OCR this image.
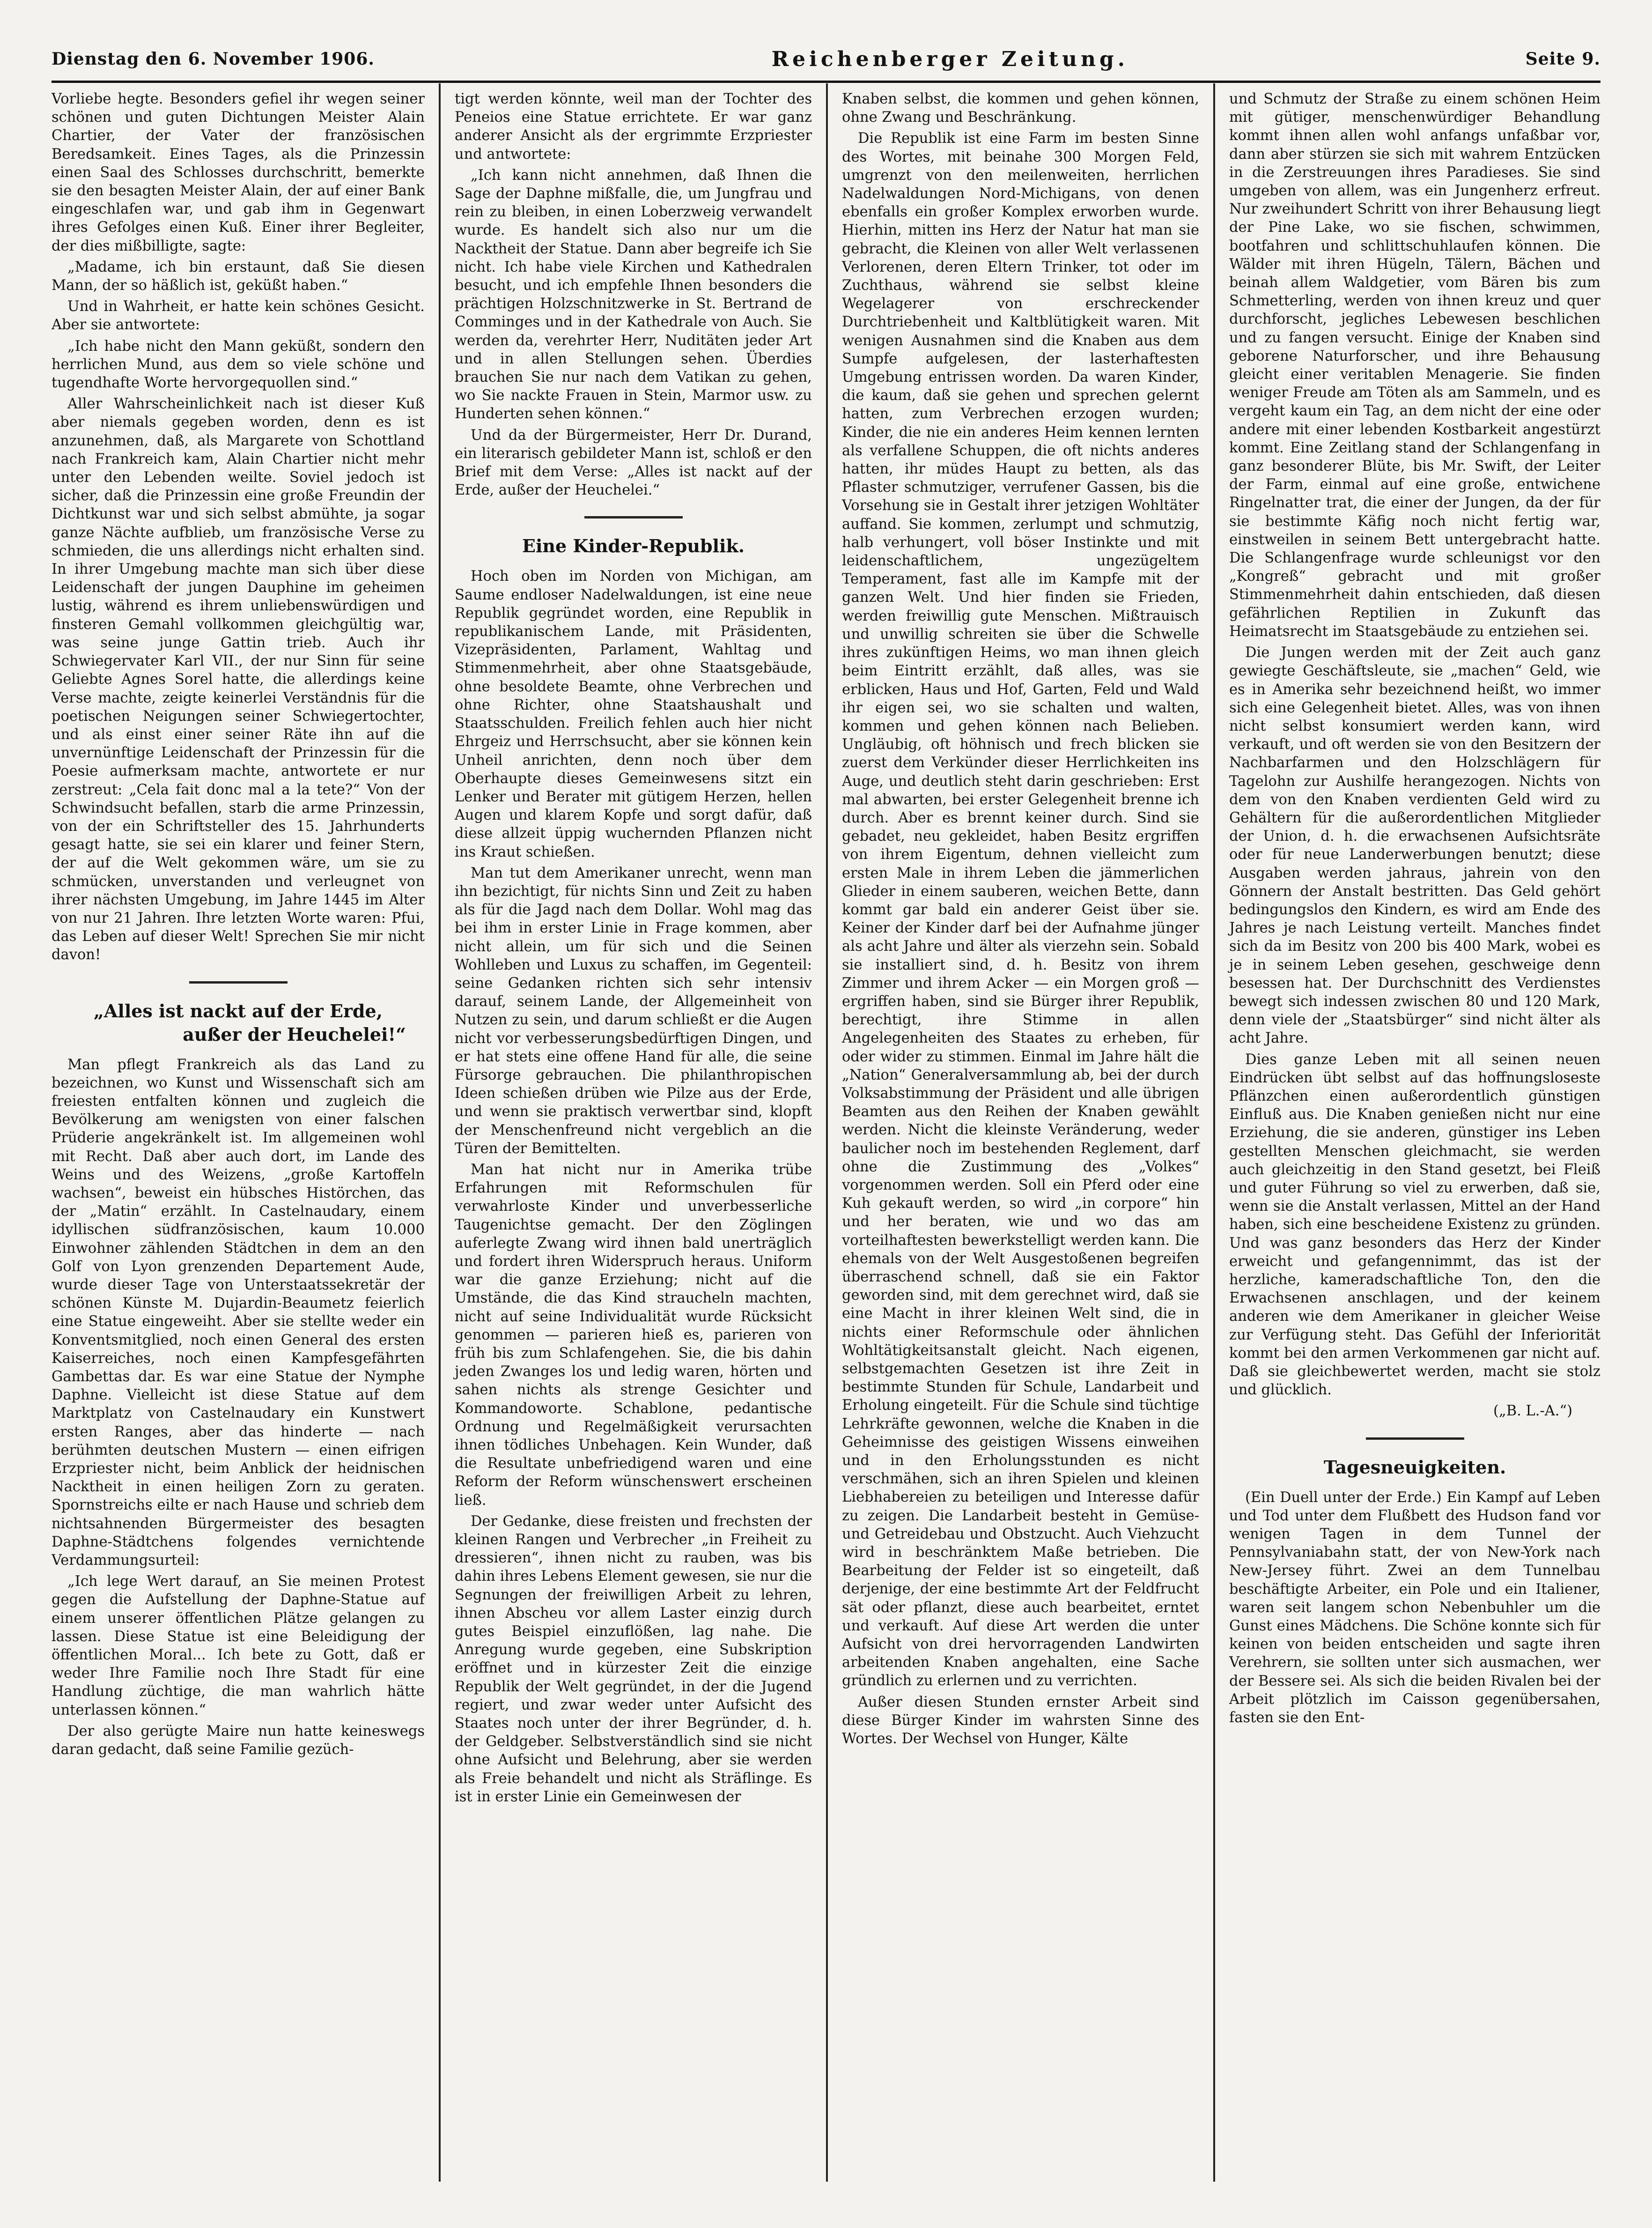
Dienstag den 6. November 1906.	Reichenberger Zeitung.	Seite 9.

Vorliebe hegte. Besonders gefiel ihr wegen seiner schönen und guten Dichtungen Meister Alain Chartier, der Vater der französischen Beredsamkeit. Eines Tages, als die Prinzessin einen Saal des Schlosses durchschritt, bemerkte sie den besagten Meister Alain, der auf einer Bank eingeschlafen war, und gab ihm in Gegenwart ihres Gefolges einen Kuß. Einer ihrer Begleiter, der dies mißbilligte, sagte:

„Madame, ich bin erstaunt, daß Sie diesen Mann, der so häßlich ist, geküßt haben.“

Und in Wahrheit, er hatte kein schönes Gesicht. Aber sie antwortete:

„Ich habe nicht den Mann geküßt, sondern den herrlichen Mund, aus dem so viele schöne und tugendhafte Worte hervorgequollen sind.“

Aller Wahrscheinlichkeit nach ist dieser Kuß aber niemals gegeben worden, denn es ist anzunehmen, daß, als Margarete von Schottland nach Frankreich kam, Alain Chartier nicht mehr unter den Lebenden weilte. Soviel jedoch ist sicher, daß die Prinzessin eine große Freundin der Dichtkunst war und sich selbst abmühte, ja sogar ganze Nächte aufblieb, um französische Verse zu schmieden, die uns allerdings nicht erhalten sind. In ihrer Umgebung machte man sich über diese Leidenschaft der jungen Dauphine im geheimen lustig, während es ihrem unliebenswürdigen und finsteren Gemahl vollkommen gleichgültig war, was seine junge Gattin trieb. Auch ihr Schwiegervater Karl VII., der nur Sinn für seine Geliebte Agnes Sorel hatte, die allerdings keine Verse machte, zeigte keinerlei Verständnis für die poetischen Neigungen seiner Schwiegertochter, und als einst einer seiner Räte ihn auf die unvernünftige Leidenschaft der Prinzessin für die Poesie aufmerksam machte, antwortete er nur zerstreut: „Cela fait donc mal a la tete?“ Von der Schwindsucht befallen, starb die arme Prinzessin, von der ein Schriftsteller des 15. Jahrhunderts gesagt hatte, sie sei ein klarer und feiner Stern, der auf die Welt gekommen wäre, um sie zu schmücken, unverstanden und verleugnet von ihrer nächsten Umgebung, im Jahre 1445 im Alter von nur 21 Jahren. Ihre letzten Worte waren: Pfui, das Leben auf dieser Welt! Sprechen Sie mir nicht davon!

„Alles ist nackt auf der Erde,
außer der Heuchelei!“

Man pflegt Frankreich als das Land zu bezeichnen, wo Kunst und Wissenschaft sich am freiesten entfalten können und zugleich die Bevölkerung am wenigsten von einer falschen Prüderie angekränkelt ist. Im allgemeinen wohl mit Recht. Daß aber auch dort, im Lande des Weins und des Weizens, „große Kartoffeln wachsen“, beweist ein hübsches Histörchen, das der „Matin“ erzählt. In Castelnaudary, einem idyllischen südfranzösischen, kaum 10.000 Einwohner zählenden Städtchen in dem an den Golf von Lyon grenzenden Departement Aude, wurde dieser Tage von Unterstaatssekretär der schönen Künste M. Dujardin-Beaumetz feierlich eine Statue eingeweiht. Aber sie stellte weder ein Konventsmitglied, noch einen General des ersten Kaiserreiches, noch einen Kampfesgefährten Gambettas dar. Es war eine Statue der Nymphe Daphne. Vielleicht ist diese Statue auf dem Marktplatz von Castelnaudary ein Kunstwert ersten Ranges, aber das hinderte — nach berühmten deutschen Mustern — einen eifrigen Erzpriester nicht, beim Anblick der heidnischen Nacktheit in einen heiligen Zorn zu geraten. Spornstreichs eilte er nach Hause und schrieb dem nichtsahnenden Bürgermeister des besagten Daphne-Städtchens folgendes vernichtende Verdammungsurteil:

„Ich lege Wert darauf, an Sie meinen Protest gegen die Aufstellung der Daphne-Statue auf einem unserer öffentlichen Plätze gelangen zu lassen. Diese Statue ist eine Beleidigung der öffentlichen Moral... Ich bete zu Gott, daß er weder Ihre Familie noch Ihre Stadt für eine Handlung züchtige, die man wahrlich hätte unterlassen können.“

Der also gerügte Maire nun hatte keineswegs daran gedacht, daß seine Familie gezüch-

tigt werden könnte, weil man der Tochter des Peneios eine Statue errichtete. Er war ganz anderer Ansicht als der ergrimmte Erzpriester und antwortete:

„Ich kann nicht annehmen, daß Ihnen die Sage der Daphne mißfalle, die, um Jungfrau und rein zu bleiben, in einen Loberzweig verwandelt wurde. Es handelt sich also nur um die Nacktheit der Statue. Dann aber begreife ich Sie nicht. Ich habe viele Kirchen und Kathedralen besucht, und ich empfehle Ihnen besonders die prächtigen Holzschnitzwerke in St. Bertrand de Comminges und in der Kathedrale von Auch. Sie werden da, verehrter Herr, Nuditäten jeder Art und in allen Stellungen sehen. Überdies brauchen Sie nur nach dem Vatikan zu gehen, wo Sie nackte Frauen in Stein, Marmor usw. zu Hunderten sehen können.“

Und da der Bürgermeister, Herr Dr. Durand, ein literarisch gebildeter Mann ist, schloß er den Brief mit dem Verse: „Alles ist nackt auf der Erde, außer der Heuchelei.“

Eine Kinder-Republik.

Hoch oben im Norden von Michigan, am Saume endloser Nadelwaldungen, ist eine neue Republik gegründet worden, eine Republik in republikanischem Lande, mit Präsidenten, Vizepräsidenten, Parlament, Wahltag und Stimmenmehrheit, aber ohne Staatsgebäude, ohne besoldete Beamte, ohne Verbrechen und ohne Richter, ohne Staatshaushalt und Staatsschulden. Freilich fehlen auch hier nicht Ehrgeiz und Herrschsucht, aber sie können kein Unheil anrichten, denn noch über dem Oberhaupte dieses Gemeinwesens sitzt ein Lenker und Berater mit gütigem Herzen, hellen Augen und klarem Kopfe und sorgt dafür, daß diese allzeit üppig wuchernden Pflanzen nicht ins Kraut schießen.

Man tut dem Amerikaner unrecht, wenn man ihn bezichtigt, für nichts Sinn und Zeit zu haben als für die Jagd nach dem Dollar. Wohl mag das bei ihm in erster Linie in Frage kommen, aber nicht allein, um für sich und die Seinen Wohlleben und Luxus zu schaffen, im Gegenteil: seine Gedanken richten sich sehr intensiv darauf, seinem Lande, der Allgemeinheit von Nutzen zu sein, und darum schließt er die Augen nicht vor verbesserungsbedürftigen Dingen, und er hat stets eine offene Hand für alle, die seine Fürsorge gebrauchen. Die philanthropischen Ideen schießen drüben wie Pilze aus der Erde, und wenn sie praktisch verwertbar sind, klopft der Menschenfreund nicht vergeblich an die Türen der Bemittelten.

Man hat nicht nur in Amerika trübe Erfahrungen mit Reformschulen für verwahrloste Kinder und unverbesserliche Taugenichtse gemacht. Der den Zöglingen auferlegte Zwang wird ihnen bald unerträglich und fordert ihren Widerspruch heraus. Uniform war die ganze Erziehung; nicht auf die Umstände, die das Kind straucheln machten, nicht auf seine Individualität wurde Rücksicht genommen — parieren hieß es, parieren von früh bis zum Schlafengehen. Sie, die bis dahin jeden Zwanges los und ledig waren, hörten und sahen nichts als strenge Gesichter und Kommandoworte. Schablone, pedantische Ordnung und Regelmäßigkeit verursachten ihnen tödliches Unbehagen. Kein Wunder, daß die Resultate unbefriedigend waren und eine Reform der Reform wünschenswert erscheinen ließ.

Der Gedanke, diese freisten und frechsten der kleinen Rangen und Verbrecher „in Freiheit zu dressieren“, ihnen nicht zu rauben, was bis dahin ihres Lebens Element gewesen, sie nur die Segnungen der freiwilligen Arbeit zu lehren, ihnen Abscheu vor allem Laster einzig durch gutes Beispiel einzuflößen, lag nahe. Die Anregung wurde gegeben, eine Subskription eröffnet und in kürzester Zeit die einzige Republik der Welt gegründet, in der die Jugend regiert, und zwar weder unter Aufsicht des Staates noch unter der ihrer Begründer, d. h. der Geldgeber. Selbstverständlich sind sie nicht ohne Aufsicht und Belehrung, aber sie werden als Freie behandelt und nicht als Sträflinge. Es ist in erster Linie ein Gemeinwesen der

Knaben selbst, die kommen und gehen können, ohne Zwang und Beschränkung.

Die Republik ist eine Farm im besten Sinne des Wortes, mit beinahe 300 Morgen Feld, umgrenzt von den meilenweiten, herrlichen Nadelwaldungen Nord-Michigans, von denen ebenfalls ein großer Komplex erworben wurde. Hierhin, mitten ins Herz der Natur hat man sie gebracht, die Kleinen von aller Welt verlassenen Verlorenen, deren Eltern Trinker, tot oder im Zuchthaus, während sie selbst kleine Wegelagerer von erschreckender Durchtriebenheit und Kaltblütigkeit waren. Mit wenigen Ausnahmen sind die Knaben aus dem Sumpfe aufgelesen, der lasterhaftesten Umgebung entrissen worden. Da waren Kinder, die kaum, daß sie gehen und sprechen gelernt hatten, zum Verbrechen erzogen wurden; Kinder, die nie ein anderes Heim kennen lernten als verfallene Schuppen, die oft nichts anderes hatten, ihr müdes Haupt zu betten, als das Pflaster schmutziger, verrufener Gassen, bis die Vorsehung sie in Gestalt ihrer jetzigen Wohltäter auffand. Sie kommen, zerlumpt und schmutzig, halb verhungert, voll böser Instinkte und mit leidenschaftlichem, ungezügeltem Temperament, fast alle im Kampfe mit der ganzen Welt. Und hier finden sie Frieden, werden freiwillig gute Menschen. Mißtrauisch und unwillig schreiten sie über die Schwelle ihres zukünftigen Heims, wo man ihnen gleich beim Eintritt erzählt, daß alles, was sie erblicken, Haus und Hof, Garten, Feld und Wald ihr eigen sei, wo sie schalten und walten, kommen und gehen können nach Belieben. Ungläubig, oft höhnisch und frech blicken sie zuerst dem Verkünder dieser Herrlichkeiten ins Auge, und deutlich steht darin geschrieben: Erst mal abwarten, bei erster Gelegenheit brenne ich durch. Aber es brennt keiner durch. Sind sie gebadet, neu gekleidet, haben Besitz ergriffen von ihrem Eigentum, dehnen vielleicht zum ersten Male in ihrem Leben die jämmerlichen Glieder in einem sauberen, weichen Bette, dann kommt gar bald ein anderer Geist über sie. Keiner der Kinder darf bei der Aufnahme jünger als acht Jahre und älter als vierzehn sein. Sobald sie installiert sind, d. h. Besitz von ihrem Zimmer und ihrem Acker — ein Morgen groß — ergriffen haben, sind sie Bürger ihrer Republik, berechtigt, ihre Stimme in allen Angelegenheiten des Staates zu erheben, für oder wider zu stimmen. Einmal im Jahre hält die „Nation“ Generalversammlung ab, bei der durch Volksabstimmung der Präsident und alle übrigen Beamten aus den Reihen der Knaben gewählt werden. Nicht die kleinste Veränderung, weder baulicher noch im bestehenden Reglement, darf ohne die Zustimmung des „Volkes“ vorgenommen werden. Soll ein Pferd oder eine Kuh gekauft werden, so wird „in corpore“ hin und her beraten, wie und wo das am vorteilhaftesten bewerkstelligt werden kann. Die ehemals von der Welt Ausgestoßenen begreifen überraschend schnell, daß sie ein Faktor geworden sind, mit dem gerechnet wird, daß sie eine Macht in ihrer kleinen Welt sind, die in nichts einer Reformschule oder ähnlichen Wohltätigkeitsanstalt gleicht. Nach eigenen, selbstgemachten Gesetzen ist ihre Zeit in bestimmte Stunden für Schule, Landarbeit und Erholung eingeteilt. Für die Schule sind tüchtige Lehrkräfte gewonnen, welche die Knaben in die Geheimnisse des geistigen Wissens einweihen und in den Erholungsstunden es nicht verschmähen, sich an ihren Spielen und kleinen Liebhabereien zu beteiligen und Interesse dafür zu zeigen. Die Landarbeit besteht in Gemüse- und Getreidebau und Obstzucht. Auch Viehzucht wird in beschränktem Maße betrieben. Die Bearbeitung der Felder ist so eingeteilt, daß derjenige, der eine bestimmte Art der Feldfrucht sät oder pflanzt, diese auch bearbeitet, erntet und verkauft. Auf diese Art werden die unter Aufsicht von drei hervorragenden Landwirten arbeitenden Knaben angehalten, eine Sache gründlich zu erlernen und zu verrichten.

Außer diesen Stunden ernster Arbeit sind diese Bürger Kinder im wahrsten Sinne des Wortes. Der Wechsel von Hunger, Kälte

und Schmutz der Straße zu einem schönen Heim mit gütiger, menschenwürdiger Behandlung kommt ihnen allen wohl anfangs unfaßbar vor, dann aber stürzen sie sich mit wahrem Entzücken in die Zerstreuungen ihres Paradieses. Sie sind umgeben von allem, was ein Jungenherz erfreut. Nur zweihundert Schritt von ihrer Behausung liegt der Pine Lake, wo sie fischen, schwimmen, bootfahren und schlittschuhlaufen können. Die Wälder mit ihren Hügeln, Tälern, Bächen und beinah allem Waldgetier, vom Bären bis zum Schmetterling, werden von ihnen kreuz und quer durchforscht, jegliches Lebewesen beschlichen und zu fangen versucht. Einige der Knaben sind geborene Naturforscher, und ihre Behausung gleicht einer veritablen Menagerie. Sie finden weniger Freude am Töten als am Sammeln, und es vergeht kaum ein Tag, an dem nicht der eine oder andere mit einer lebenden Kostbarkeit angestürzt kommt. Eine Zeitlang stand der Schlangenfang in ganz besonderer Blüte, bis Mr. Swift, der Leiter der Farm, einmal auf eine große, entwichene Ringelnatter trat, die einer der Jungen, da der für sie bestimmte Käfig noch nicht fertig war, einstweilen in seinem Bett untergebracht hatte. Die Schlangenfrage wurde schleunigst vor den „Kongreß“ gebracht und mit großer Stimmenmehrheit dahin entschieden, daß diesen gefährlichen Reptilien in Zukunft das Heimatsrecht im Staatsgebäude zu entziehen sei.

Die Jungen werden mit der Zeit auch ganz gewiegte Geschäftsleute, sie „machen“ Geld, wie es in Amerika sehr bezeichnend heißt, wo immer sich eine Gelegenheit bietet. Alles, was von ihnen nicht selbst konsumiert werden kann, wird verkauft, und oft werden sie von den Besitzern der Nachbarfarmen und den Holzschlägern für Tagelohn zur Aushilfe herangezogen. Nichts von dem von den Knaben verdienten Geld wird zu Gehältern für die außerordentlichen Mitglieder der Union, d. h. die erwachsenen Aufsichtsräte oder für neue Landerwerbungen benutzt; diese Ausgaben werden jahraus, jahrein von den Gönnern der Anstalt bestritten. Das Geld gehört bedingungslos den Kindern, es wird am Ende des Jahres je nach Leistung verteilt. Manches findet sich da im Besitz von 200 bis 400 Mark, wobei es je in seinem Leben gesehen, geschweige denn besessen hat. Der Durchschnitt des Verdienstes bewegt sich indessen zwischen 80 und 120 Mark, denn viele der „Staatsbürger“ sind nicht älter als acht Jahre.

Dies ganze Leben mit all seinen neuen Eindrücken übt selbst auf das hoffnungsloseste Pflänzchen einen außerordentlich günstigen Einfluß aus. Die Knaben genießen nicht nur eine Erziehung, die sie anderen, günstiger ins Leben gestellten Menschen gleichmacht, sie werden auch gleichzeitig in den Stand gesetzt, bei Fleiß und guter Führung so viel zu erwerben, daß sie, wenn sie die Anstalt verlassen, Mittel an der Hand haben, sich eine bescheidene Existenz zu gründen. Und was ganz besonders das Herz der Kinder erweicht und gefangennimmt, das ist der herzliche, kameradschaftliche Ton, den die Erwachsenen anschlagen, und der keinem anderen wie dem Amerikaner in gleicher Weise zur Verfügung steht. Das Gefühl der Inferiorität kommt bei den armen Verkommenen gar nicht auf. Daß sie gleichbewertet werden, macht sie stolz und glücklich.

(„B. L.-A.“)

Tagesneuigkeiten.

(Ein Duell unter der Erde.) Ein Kampf auf Leben und Tod unter dem Flußbett des Hudson fand vor wenigen Tagen in dem Tunnel der Pennsylvaniabahn statt, der von New-York nach New-Jersey führt. Zwei an dem Tunnelbau beschäftigte Arbeiter, ein Pole und ein Italiener, waren seit langem schon Nebenbuhler um die Gunst eines Mädchens. Die Schöne konnte sich für keinen von beiden entscheiden und sagte ihren Verehrern, sie sollten unter sich ausmachen, wer der Bessere sei. Als sich die beiden Rivalen bei der Arbeit plötzlich im Caisson gegenübersahen, fasten sie den Ent-
